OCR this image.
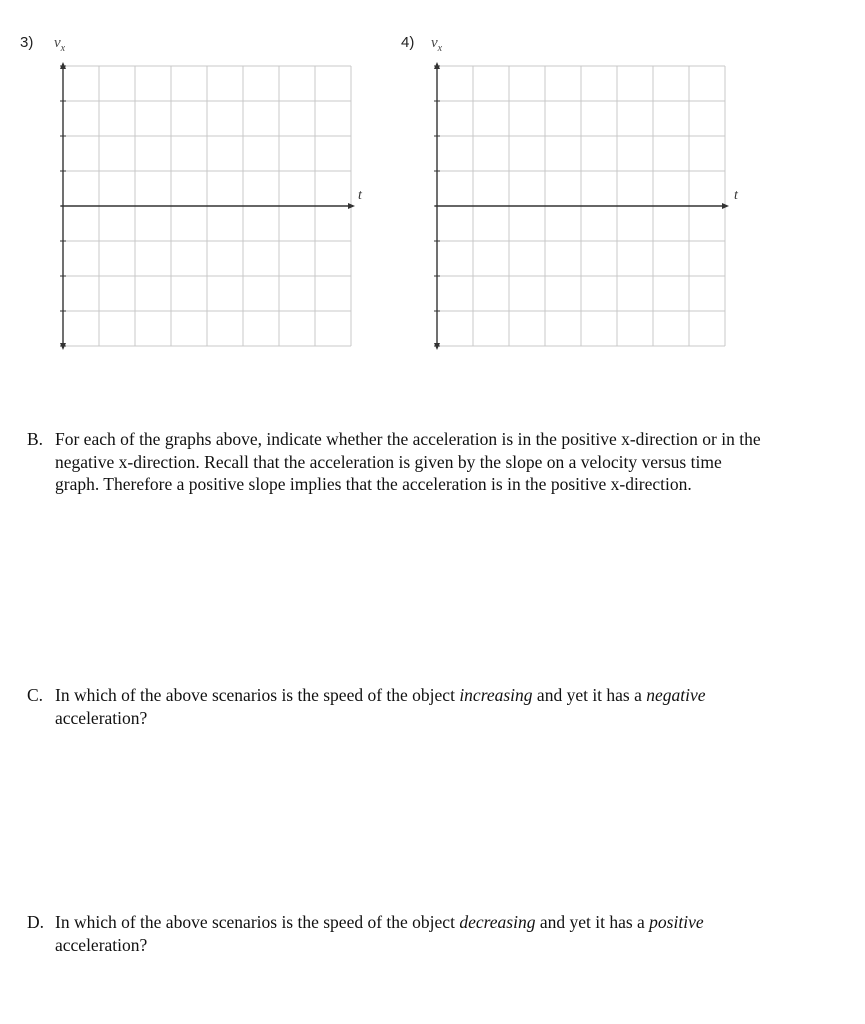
3) $v_x$
t
4) $v_x$
t
B. For each of the graphs above, indicate whether the acceleration is in the positive x-direction or in the negative x-direction. Recall that the acceleration is given by the slope on a velocity versus time graph. Therefore a positive slope implies that the acceleration is in the positive x-direction.
C. In which of the above scenarios is the speed of the object increasing and yet it has a negative acceleration?
D. In which of the above scenarios is the speed of the object decreasing and yet it has a positive acceleration?
